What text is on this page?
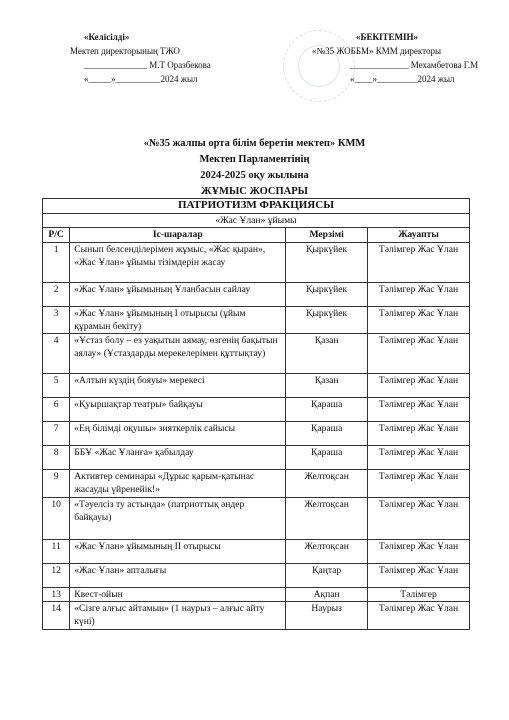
«Келісілді»
Мектеп директорының ТЖО
______________ М.Т Оразбекова
«_____»__________2024 жыл
«БЕКІТЕМІН»
«№35 ЖОББМ» КММ директоры
_____________ Мехамбетова Г.М
«____»_________2024 жыл
«№35 жалпы орта білім беретін мектеп» КММ
Мектеп Парламентінің
2024-2025 оқу жылына
ЖҰМЫС ЖОСПАРЫ
ПАТРИОТИЗМ ФРАКЦИЯСЫ			
«Жас Ұлан» ұйымы			
Р/С	Іс-шаралар	Мерзімі	Жауапты
1	Сынып белсенділерімен жұмыс, «Жас қыран», «Жас Ұлан» ұйымы тізімдерін жасау	Қыркүйек	Тәлімгер Жас Ұлан
2	«Жас Ұлан» ұйымының Ұланбасын сайлау	Қыркүйек	Тәлімгер Жас Ұлан
3	«Жас Ұлан» ұйымының І отырысы (ұйым құрамын бекіту)	Қыркүйек	Тәлімгер Жас Ұлан
4	«Ұстаз болу – ез уақытын аямау, өзгенің бақытын аялау» (Ұстаздарды мерекелерімен құттықтау)	Қазан	Тәлімгер Жас Ұлан
5	«Алтын күздің бояуы» мерекесі	Қазан	Тәлімгер Жас Ұлан
6	«Қуыршақтар театры» байқауы	Қараша	Тәлімгер Жас Ұлан
7	«Ең білімді оқушы» зияткерлік сайысы	Қараша	Тәлімгер Жас Ұлан
8	ББҰ «Жас Ұланға» қабылдау	Қараша	Тәлімгер Жас Ұлан
9	Активтер семинары «Дұрыс қарым-қатынас жасауды үйренейік!»	Желтоқсан	Тәлімгер Жас Ұлан
10	«Тәуелсіз ту астында» (патриоттық әндер байқауы)	Желтоқсан	Тәлімгер Жас Ұлан
11	«Жас Ұлан» ұйымының ІІ отырысы	Желтоқсан	Тәлімгер Жас Ұлан
12	«Жас Ұлан» апталығы	Қаңтар	Тәлімгер Жас Ұлан
13	Квест-ойын	Ақпан	Тәлімгер
14	«Сізге алғыс айтамын» (1 наурыз – алғыс айту күні)	Наурыз	Тәлімгер Жас Ұлан
